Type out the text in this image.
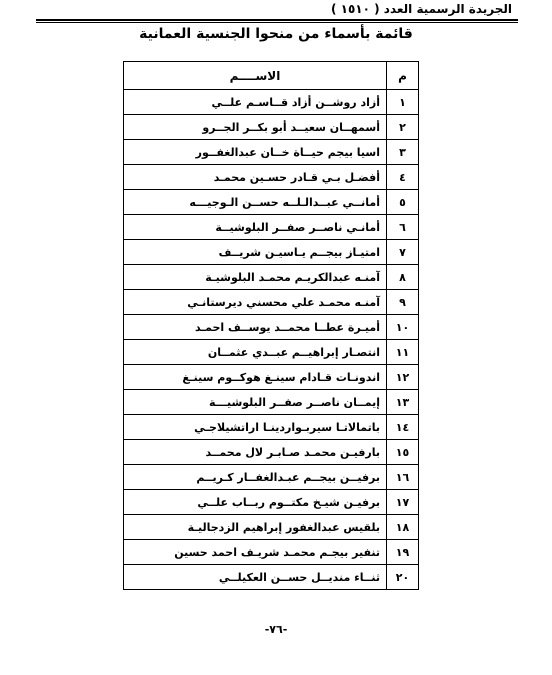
الجريدة الرسمية العدد ( ١٥١٠ )
قائمة بأسماء من منحوا الجنسية العمانية
م	الاســــم
١	أزاد روشــن أزاد قــاسـم علــي
٢	أسمهــان سعيــد أبو بكــر الجــرو
٣	اسيا بيجم حيــاة خــان عبدالغفــور
٤	أفضـل بـي قـادر حسـين محمـد
٥	أمانــي عبــدالـلــه حســن الـوجيـــه
٦	أمانـي ناصــر صفــر البلوشيــة
٧	امتيـاز بيجــم يـاسيـن شريــف
٨	آمنـه عبدالكريـم محمـد البلوشيـة
٩	آمنـه محمـد علي محسني ديرستانـي
١٠	أميـرة عطــا محمــد يوســف احمـد
١١	انتصـار إبراهيــم عبــدي عثمــان
١٢	اندونـات قـادام سينـغ هوكــوم سينـغ
١٣	إيمــان ناصــر صفــر البلوشيـــة
١٤	باتمالاتـا سيربـواردينـا اراتشيلاجـي
١٥	بارفيـن محمـد صـابـر لال محمــد
١٦	برفيــن بيجــم عبـدالغفــار كـريــم
١٧	برفيـن شيـخ مكتــوم ربــاب علــي
١٨	بلقيس عبدالغفور إبراهيم الزدجاليـة
١٩	تنفير بيجـم محمـد شريـف احمد حسين
٢٠	ثنــاء منديــل حســن العكيلــي
-٧٦-
